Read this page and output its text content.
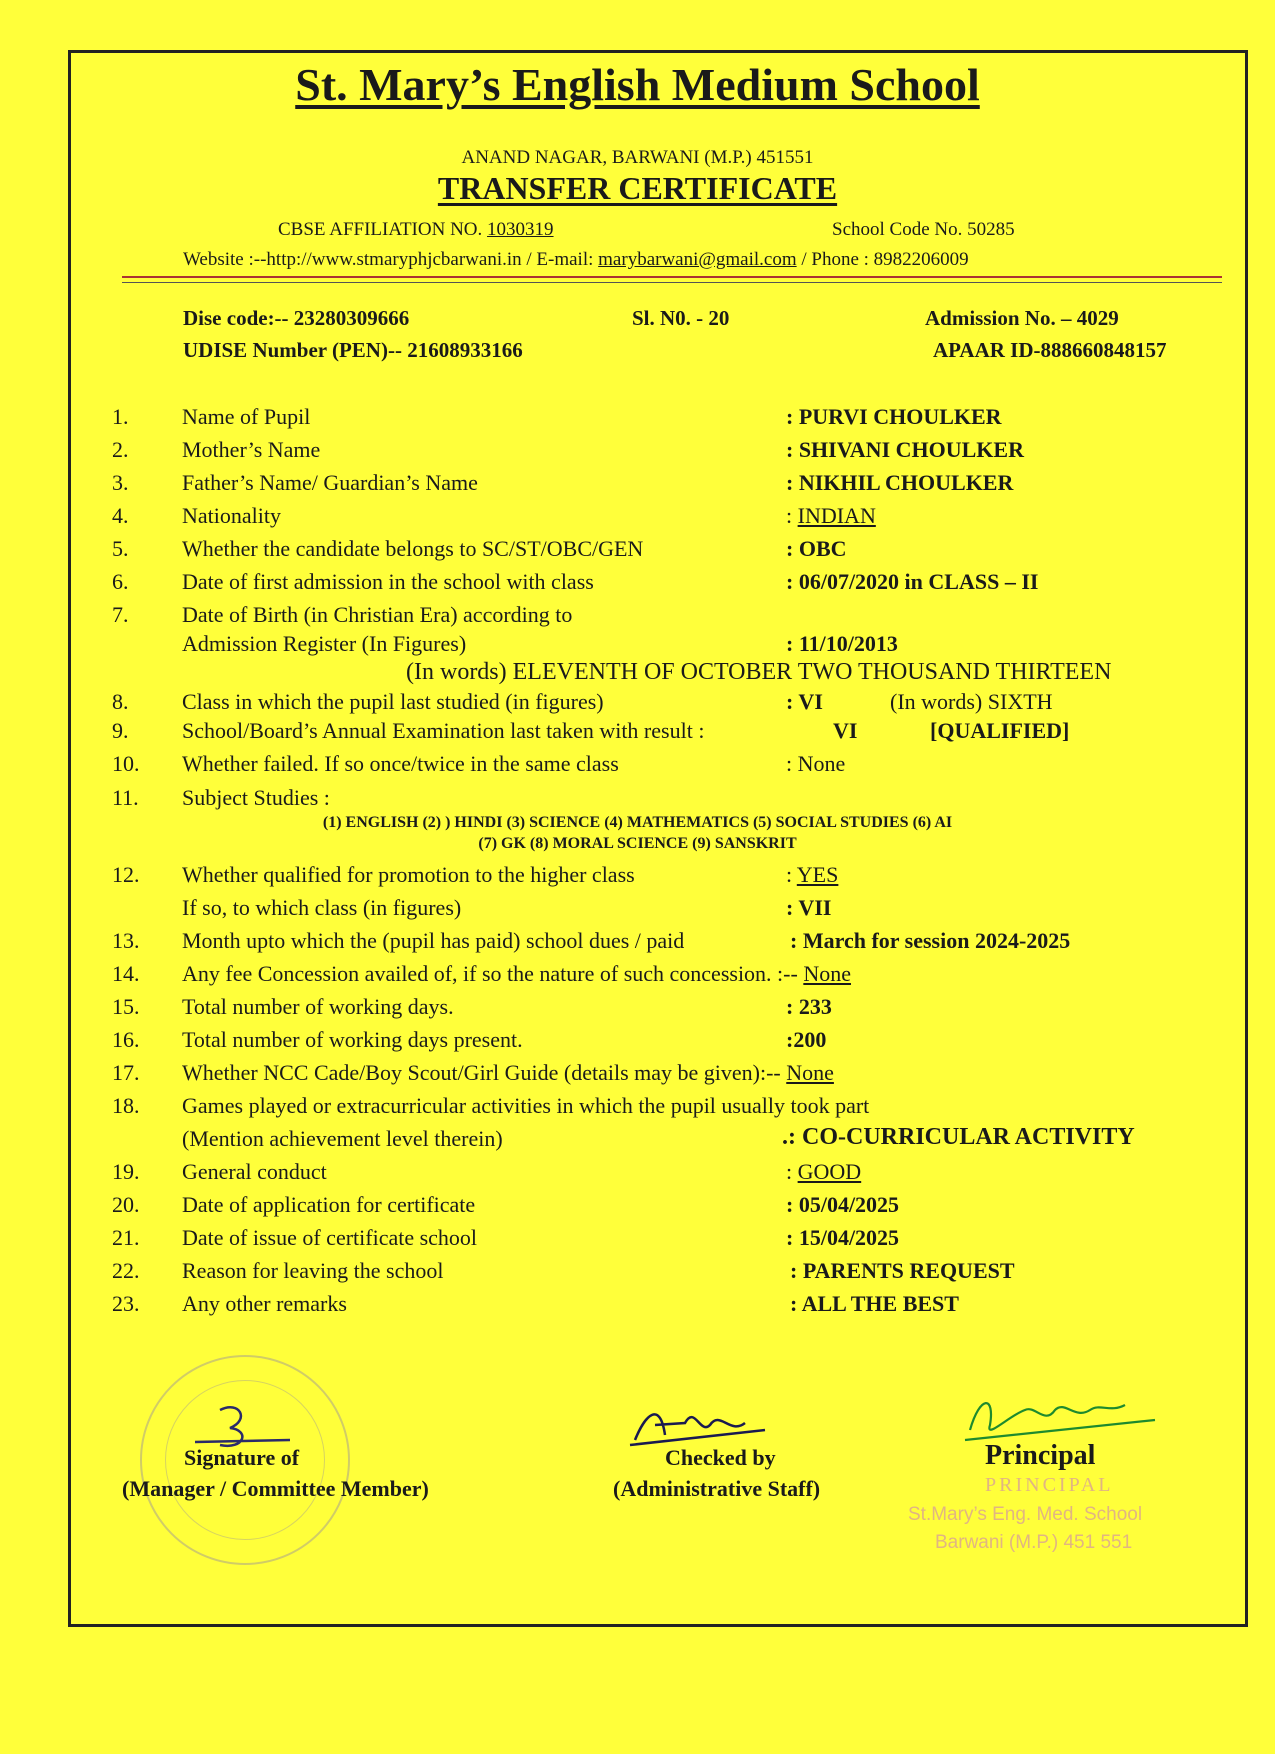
St. Mary’s English Medium School
ANAND NAGAR, BARWANI (M.P.) 451551
TRANSFER CERTIFICATE
CBSE AFFILIATION NO. 1030319	School Code No. 50285
Website :--http://www.stmaryphjcbarwani.in / E-mail: marybarwani@gmail.com / Phone : 8982206009
Dise code:-- 23280309666	Sl. N0. - 20	Admission No. – 4029
UDISE Number (PEN)-- 21608933166	APAAR ID-888660848157
1. Name of Pupil	: PURVI CHOULKER
2. Mother’s Name	: SHIVANI CHOULKER
3. Father’s Name/ Guardian’s Name	: NIKHIL CHOULKER
4. Nationality	: INDIAN
5. Whether the candidate belongs to SC/ST/OBC/GEN	: OBC
6. Date of first admission in the school with class	: 06/07/2020 in CLASS – II
7. Date of Birth (in Christian Era) according to
Admission Register (In Figures)	: 11/10/2013
(In words) ELEVENTH OF OCTOBER TWO THOUSAND THIRTEEN
8. Class in which the pupil last studied (in figures)	: VI	(In words) SIXTH
9. School/Board’s Annual Examination last taken with result :	VI	[QUALIFIED]
10. Whether failed. If so once/twice in the same class	: None
11. Subject Studies :
(1) ENGLISH (2) ) HINDI (3) SCIENCE (4) MATHEMATICS (5) SOCIAL STUDIES (6) AI
(7) GK (8) MORAL SCIENCE (9) SANSKRIT
12. Whether qualified for promotion to the higher class	: YES
If so, to which class (in figures)	: VII
13. Month upto which the (pupil has paid) school dues / paid	: March for session 2024-2025
14. Any fee Concession availed of, if so the nature of such concession. :-- None
15. Total number of working days.	: 233
16. Total number of working days present.	:200
17. Whether NCC Cade/Boy Scout/Girl Guide (details may be given):-- None
18. Games played or extracurricular activities in which the pupil usually took part
(Mention achievement level therein)	.: CO-CURRICULAR ACTIVITY
19. General conduct	: GOOD
20. Date of application for certificate	: 05/04/2025
21. Date of issue of certificate school	: 15/04/2025
22. Reason for leaving the school	: PARENTS REQUEST
23. Any other remarks	: ALL THE BEST
Signature of
(Manager / Committee Member)
Checked by
(Administrative Staff)
Principal
PRINCIPAL
St.Mary’s Eng. Med. School
Barwani (M.P.) 451 551
